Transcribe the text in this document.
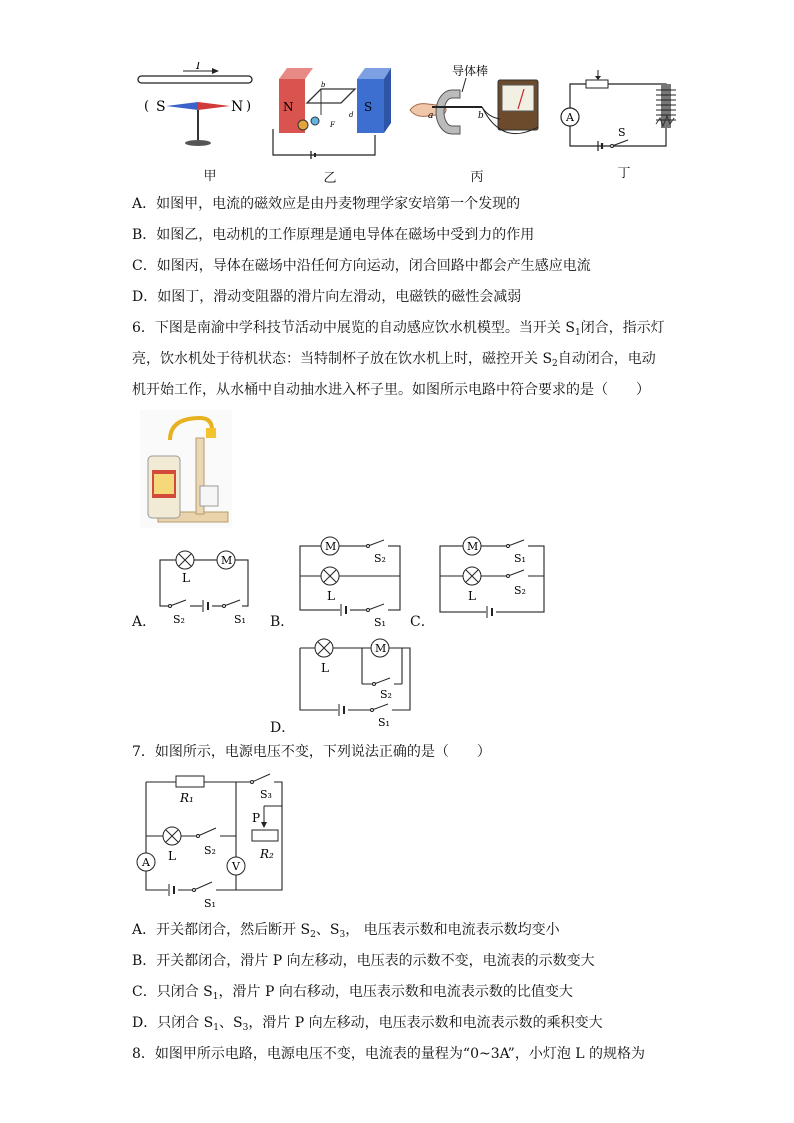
I
( S	N )
甲
N	S
b
d
F
乙
导体棒
a	b
丙
A
S
丁
A．如图甲，电流的磁效应是由丹麦物理学家安培第一个发现的
B．如图乙，电动机的工作原理是通电导体在磁场中受到力的作用
C．如图丙，导体在磁场中沿任何方向运动，闭合回路中都会产生感应电流
D．如图丁，滑动变阻器的滑片向左滑动，电磁铁的磁性会减弱
6．下图是南渝中学科技节活动中展览的自动感应饮水机模型。当开关 $S_1$闭合，指示灯
亮，饮水机处于待机状态：当特制杯子放在饮水机上时，磁控开关 $S_2$自动闭合，电动
机开始工作，从水桶中自动抽水进入杯子里。如图所示电路中符合要求的是（　　）
A．
M
L
S₂	S₁ B．
M
S₂
L
S₁ C．
M
S₁
L	S₂
D．
L
M
S₂
S₁
7．如图所示，电源电压不变，下列说法正确的是（　　）
R₁	S₃
P
R₂
L	S₂
A	V
S₁
A．开关都闭合，然后断开 $S_2$、$S_3$， 电压表示数和电流表示数均变小
B．开关都闭合，滑片 P 向左移动，电压表的示数不变，电流表的示数变大
C．只闭合 $S_1$，滑片 P 向右移动，电压表示数和电流表示数的比值变大
D．只闭合 $S_1$、$S_3$，滑片 P 向左移动，电压表示数和电流表示数的乘积变大
8．如图甲所示电路，电源电压不变，电流表的量程为“0~3A”，小灯泡 L 的规格为
